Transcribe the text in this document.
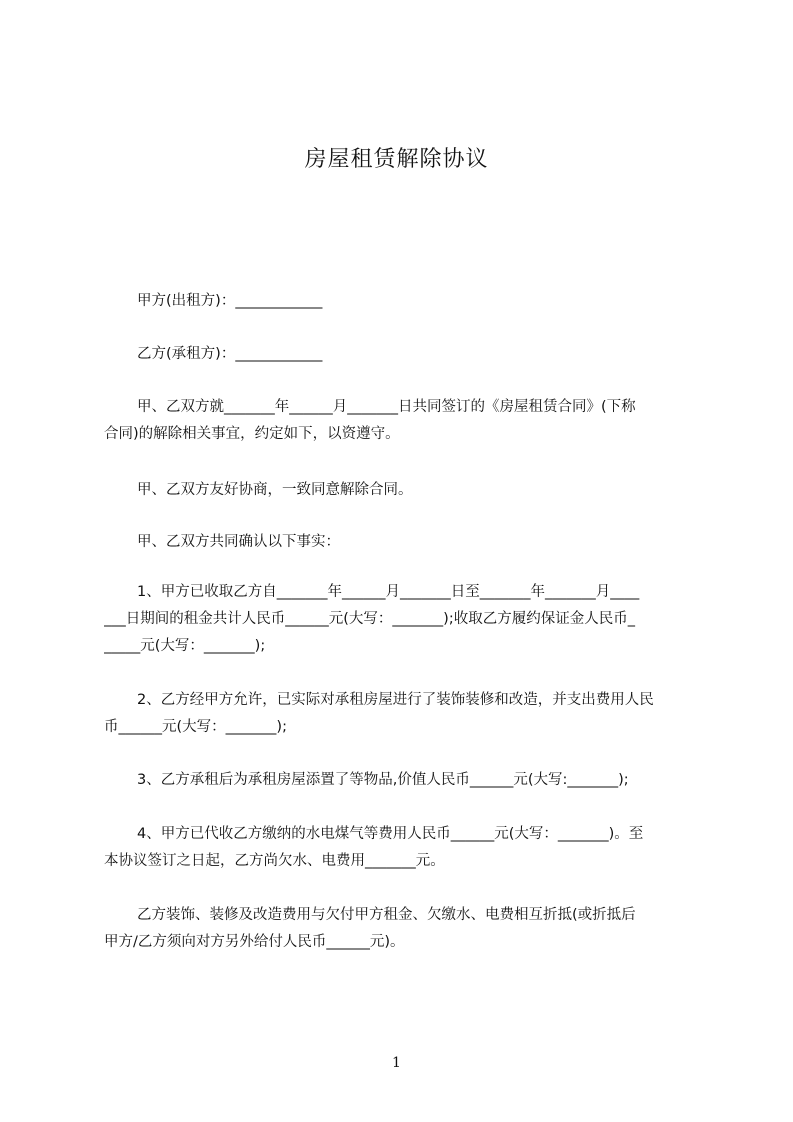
房屋租赁解除协议
甲方(出租方)：____________
乙方(承租方)：____________
甲、乙双方就_______年______月_______日共同签订的《房屋租赁合同》(下称
合同)的解除相关事宜，约定如下，以资遵守。
甲、乙双方友好协商，一致同意解除合同。
甲、乙双方共同确认以下事实：
1、甲方已收取乙方自_______年______月_______日至_______年_______月____
___日期间的租金共计人民币______元(大写：_______);收取乙方履约保证金人民币_
_____元(大写：_______);
2、乙方经甲方允许，已实际对承租房屋进行了装饰装修和改造，并支出费用人民
币______元(大写：_______);
3、乙方承租后为承租房屋添置了等物品,价值人民币______元(大写:_______);
4、甲方已代收乙方缴纳的水电煤气等费用人民币______元(大写：_______)。至
本协议签订之日起，乙方尚欠水、电费用_______元。
乙方装饰、装修及改造费用与欠付甲方租金、欠缴水、电费相互折抵(或折抵后
甲方/乙方须向对方另外给付人民币______元)。
1
